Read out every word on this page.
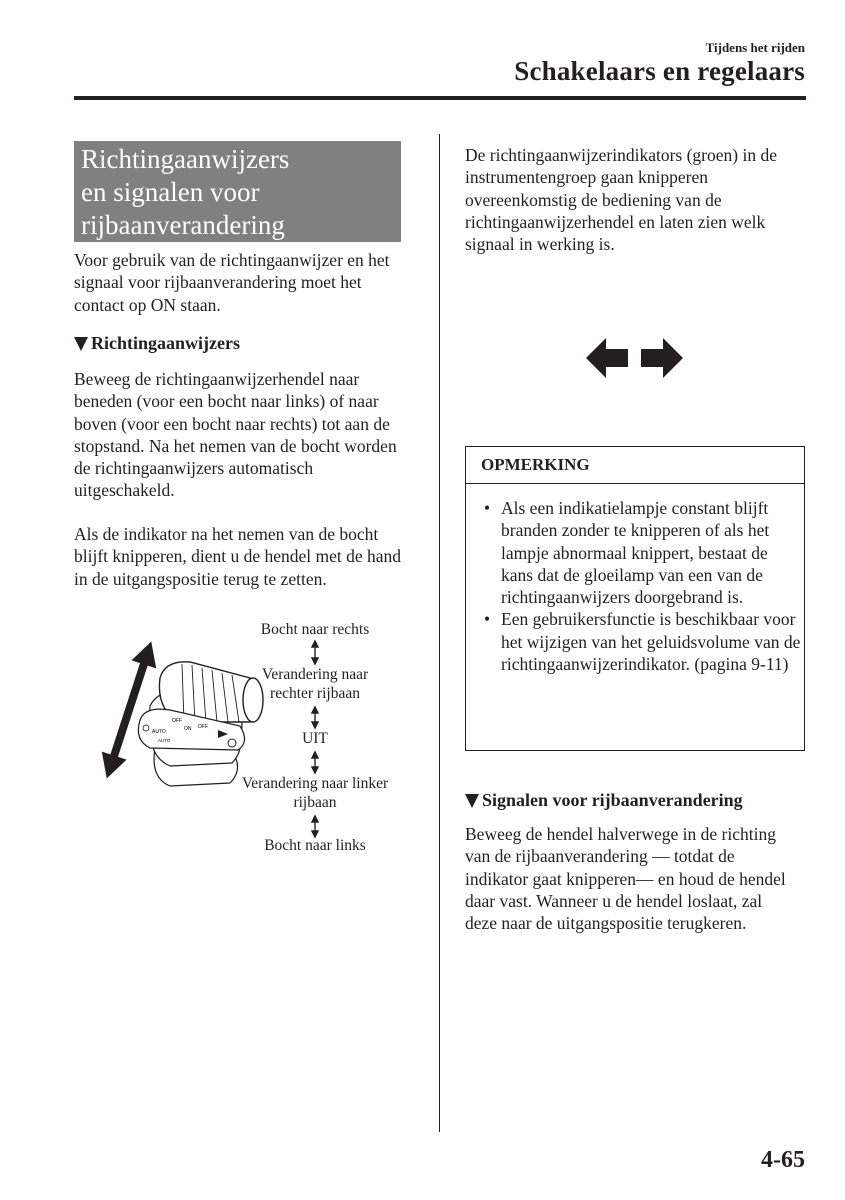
Tijdens het rijden
Schakelaars en regelaars
Richtingaanwijzers
en signalen voor
rijbaanverandering

Voor gebruik van de richtingaanwijzer en het signaal voor rijbaanverandering moet het contact op ON staan.

Richtingaanwijzers

Beweeg de richtingaanwijzerhendel naar beneden (voor een bocht naar links) of naar boven (voor een bocht naar rechts) tot aan de stopstand. Na het nemen van de bocht worden de richtingaanwijzers automatisch uitgeschakeld.

Als de indikator na het nemen van de bocht blijft knipperen, dient u de hendel met de hand in de uitgangspositie terug te zetten.

AUTO
OFF
AUTO
ON OFF
Bocht naar rechts
Verandering naar rechter rijbaan
UIT
Verandering naar linker rijbaan
Bocht naar links

De richtingaanwijzerindikators (groen) in de instrumentengroep gaan knipperen overeenkomstig de bediening van de richtingaanwijzerhendel en laten zien welk signaal in werking is.

OPMERKING
• Als een indikatielampje constant blijft branden zonder te knipperen of als het lampje abnormaal knippert, bestaat de kans dat de gloeilamp van een van de richtingaanwijzers doorgebrand is.
• Een gebruikersfunctie is beschikbaar voor het wijzigen van het geluidsvolume van de richtingaanwijzerindikator. (pagina 9-11)
Signalen voor rijbaanverandering

Beweeg de hendel halverwege in de richting van de rijbaanverandering — totdat de indikator gaat knipperen— en houd de hendel daar vast. Wanneer u de hendel loslaat, zal deze naar de uitgangspositie terugkeren.

4-65
